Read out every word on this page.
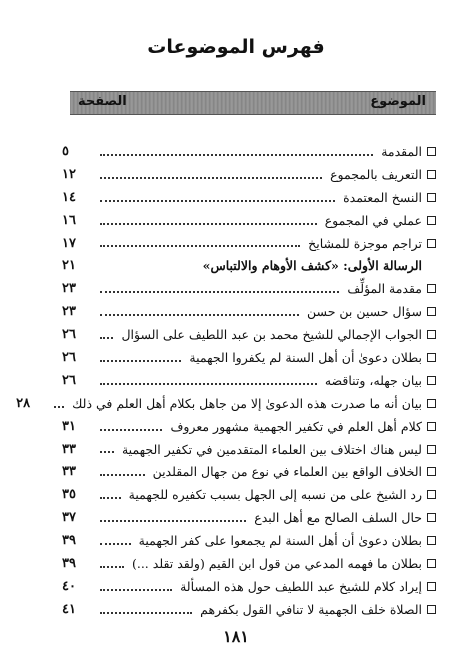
فهرس الموضوعات
الموضوع
الصفحة
المقدمة
٥
التعريف بالمجموع
١٢
النسخ المعتمدة
١٤
عملي في المجموع
١٦
تراجم موجزة للمشايخ
١٧
الرسالة الأولى: «كشف الأوهام والالتباس»
٢١
مقدمة المؤلِّف
٢٣
سؤال حسين بن حسن
٢٣
الجواب الإجمالي للشيخ محمد بن عبد اللطيف على السؤال
٢٦
بطلان دعوىٰ أن أهل السنة لم يكفروا الجهمية
٢٦
بيان جهله، وتناقضه
٢٦
بيان أنه ما صدرت هذه الدعوىٰ إلا من جاهل بكلام أهل العلم في ذلك
٢٨
كلام أهل العلم في تكفير الجهمية مشهور معروف
٣١
ليس هناك اختلاف بين العلماء المتقدمين في تكفير الجهمية
٣٣
الخلاف الواقع بين العلماء في نوع من جهال المقلدين
٣٣
رد الشيخ على من نسبه إلى الجهل بسبب تكفيره للجهمية
٣٥
حال السلف الصالح مع أهل البدع
٣٧
بطلان دعوىٰ أن أهل السنة لم يجمعوا على كفر الجهمية
٣٩
بطلان ما فهمه المدعي من قول ابن القيم (ولقد تقلد ...)
٣٩
إيراد كلام للشيخ عبد اللطيف حول هذه المسألة
٤٠
الصلاة خلف الجهمية لا تنافي القول بكفرهم
٤١
١٨١
